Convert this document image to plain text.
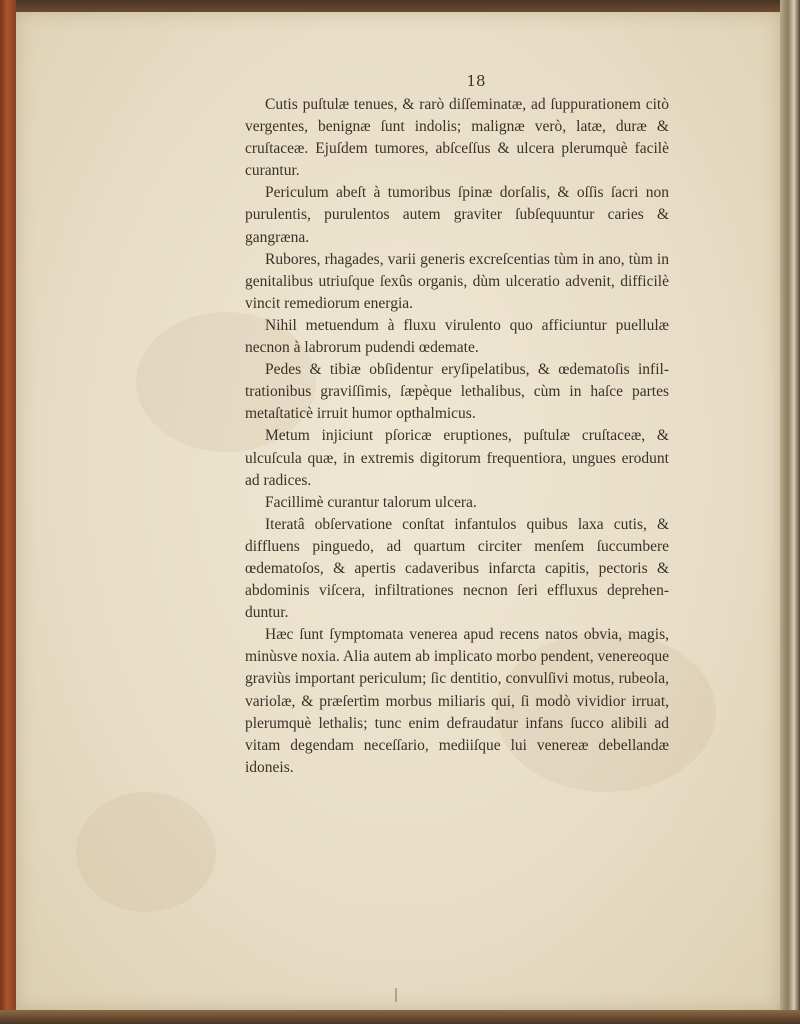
18

Cutis puſtulæ tenues, & rarò diſſeminatæ, ad ſuppurationem citò vergentes, benignæ ſunt indolis; malignæ verò, latæ, duræ & cruſtaceæ. Ejuſdem tumores, abſceſſus & ulcera plerumquè facilè curantur.

Periculum abeſt à tumoribus ſpinæ dorſalis, & oſſis ſacri non purulentis, purulentos autem graviter ſubſequuntur caries & gangræna.

Rubores, rhagades, varii generis excreſcentias tùm in ano, tùm in genitalibus utriuſque ſexûs organis, dùm ulceratio advenit, difficilè vincit remediorum energia.

Nihil metuendum à fluxu virulento quo afficiuntur puellulæ necnon à labrorum pudendi œdemate.

Pedes & tibiæ obſidentur eryſipelatibus, & œdematoſis infiltrationibus graviſſimis, ſæpèque lethalibus, cùm in haſce partes metaſtaticè irruit humor opthalmicus.

Metum injiciunt pſoricæ eruptiones, puſtulæ cruſtaceæ, & ulcuſcula quæ, in extremis digitorum frequentiora, ungues erodunt ad radices.

Facillimè curantur talorum ulcera.

Iteratâ obſervatione conſtat infantulos quibus laxa cutis, & diffluens pinguedo, ad quartum circiter menſem ſuccumbere œdematoſos, & apertis cadaveribus infarcta capitis, pectoris & abdominis viſcera, infiltrationes necnon ſeri effluxus deprehenduntur.

Hæc ſunt ſymptomata venerea apud recens natos obvia, magis, minùsve noxia. Alia autem ab implicato morbo pendent, venereoque graviùs important periculum; ſic dentitio, convulſivi motus, rubeola, variolæ, & præſertìm morbus miliaris qui, ſi modò vividior irruat, plerumquè lethalis; tunc enim defraudatur infans ſucco alibili ad vitam degendam neceſſario, mediiſque lui venereæ debellandæ idoneis.
